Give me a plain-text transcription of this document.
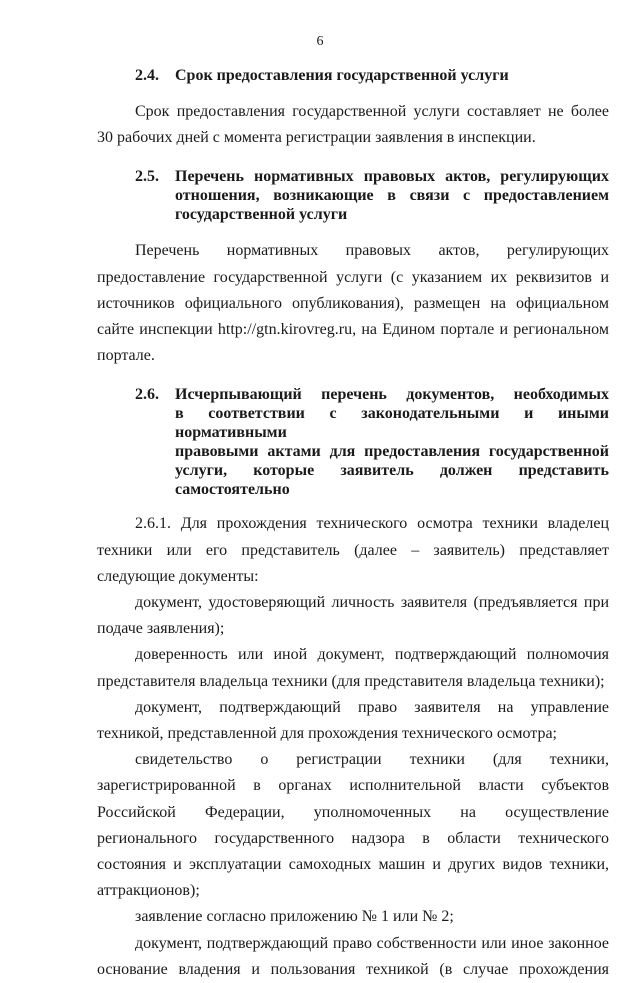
6
2.4.	Срок предоставления государственной услуги

Срок предоставления государственной услуги составляет не более 30 рабочих дней с момента регистрации заявления в инспекции.

2.5.	Перечень нормативных правовых актов, регулирующих
отношения, возникающие в связи с предоставлением
государственной услуги

Перечень нормативных правовых актов, регулирующих предоставление государственной услуги (с указанием их реквизитов и источников официального опубликования), размещен на официальном сайте инспекции http://gtn.kirovreg.ru, на Едином портале и региональном портале.

2.6.	Исчерпывающий перечень документов, необходимых
в соответствии с законодательными и иными нормативными
правовыми актами для предоставления государственной
услуги, которые заявитель должен представить самостоятельно

2.6.1. Для прохождения технического осмотра техники владелец техники или его представитель (далее – заявитель) представляет следующие документы:

документ, удостоверяющий личность заявителя (предъявляется при подаче заявления);

доверенность или иной документ, подтверждающий полномочия представителя владельца техники (для представителя владельца техники);

документ, подтверждающий право заявителя на управление техникой, представленной для прохождения технического осмотра;

свидетельство о регистрации техники (для техники, зарегистрированной в органах исполнительной власти субъектов Российской Федерации, уполномоченных на осуществление регионального государственного надзора в области технического состояния и эксплуатации самоходных машин и других видов техники, аттракционов);

заявление согласно приложению № 1 или № 2;

документ, подтверждающий право собственности или иное законное основание владения и пользования техникой (в случае прохождения
